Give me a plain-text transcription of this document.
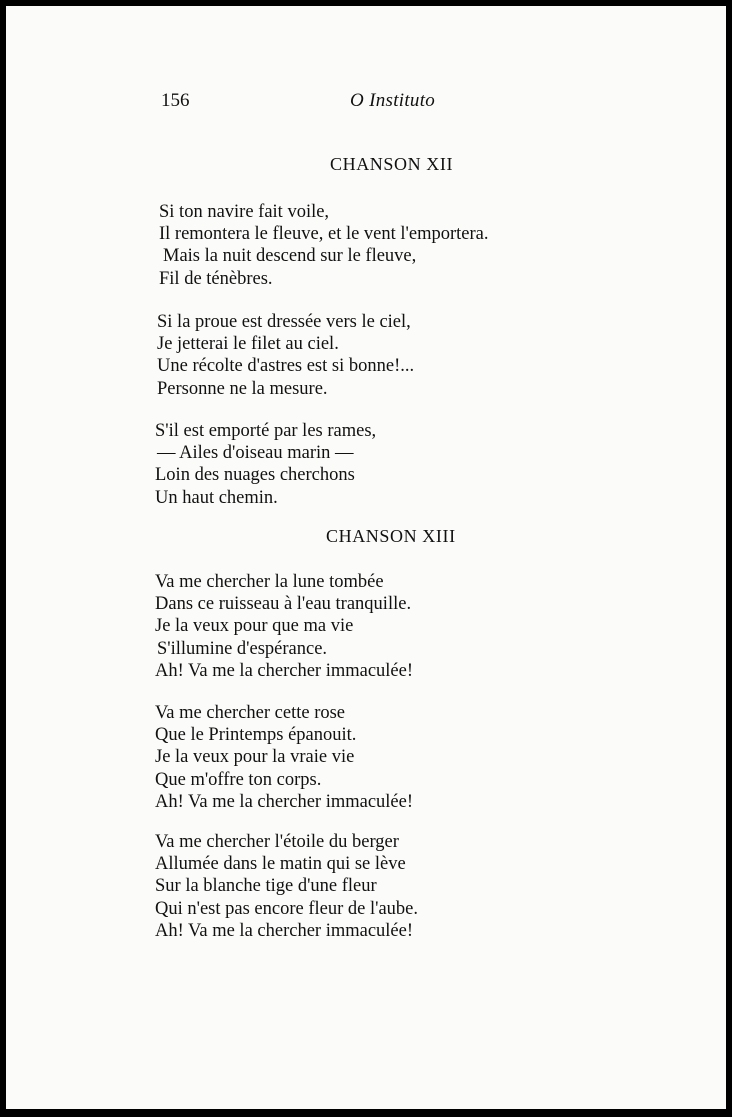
156	O Instituto
CHANSON XII
Si ton navire fait voile,
Il remontera le fleuve, et le vent l'emportera.
Mais la nuit descend sur le fleuve,
Fil de ténèbres.
Si la proue est dressée vers le ciel,
Je jetterai le filet au ciel.
Une récolte d'astres est si bonne!...
Personne ne la mesure.
S'il est emporté par les rames,
— Ailes d'oiseau marin —
Loin des nuages cherchons
Un haut chemin.
CHANSON XIII
Va me chercher la lune tombée
Dans ce ruisseau à l'eau tranquille.
Je la veux pour que ma vie
S'illumine d'espérance.
Ah! Va me la chercher immaculée!
Va me chercher cette rose
Que le Printemps épanouit.
Je la veux pour la vraie vie
Que m'offre ton corps.
Ah! Va me la chercher immaculée!
Va me chercher l'étoile du berger
Allumée dans le matin qui se lève
Sur la blanche tige d'une fleur
Qui n'est pas encore fleur de l'aube.
Ah! Va me la chercher immaculée!
